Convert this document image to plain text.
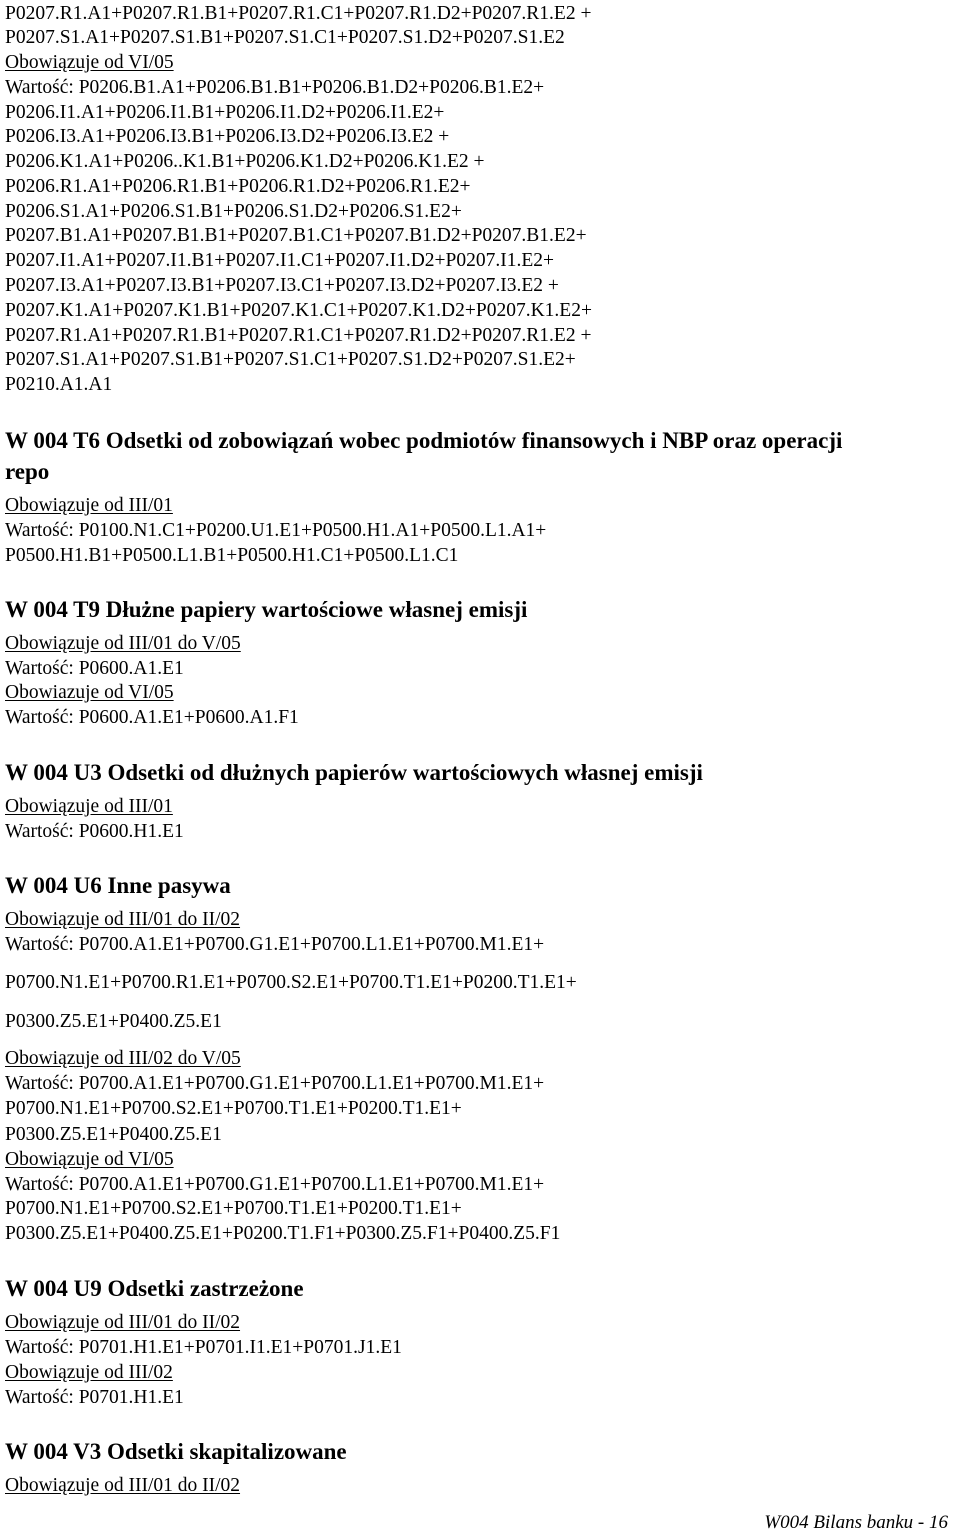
P0207.R1.A1+P0207.R1.B1+P0207.R1.C1+P0207.R1.D2+P0207.R1.E2 +
P0207.S1.A1+P0207.S1.B1+P0207.S1.C1+P0207.S1.D2+P0207.S1.E2
Obowiązuje od VI/05
Wartość: P0206.B1.A1+P0206.B1.B1+P0206.B1.D2+P0206.B1.E2+
P0206.I1.A1+P0206.I1.B1+P0206.I1.D2+P0206.I1.E2+
P0206.I3.A1+P0206.I3.B1+P0206.I3.D2+P0206.I3.E2 +
P0206.K1.A1+P0206..K1.B1+P0206.K1.D2+P0206.K1.E2 +
P0206.R1.A1+P0206.R1.B1+P0206.R1.D2+P0206.R1.E2+
P0206.S1.A1+P0206.S1.B1+P0206.S1.D2+P0206.S1.E2+
P0207.B1.A1+P0207.B1.B1+P0207.B1.C1+P0207.B1.D2+P0207.B1.E2+
P0207.I1.A1+P0207.I1.B1+P0207.I1.C1+P0207.I1.D2+P0207.I1.E2+
P0207.I3.A1+P0207.I3.B1+P0207.I3.C1+P0207.I3.D2+P0207.I3.E2 +
P0207.K1.A1+P0207.K1.B1+P0207.K1.C1+P0207.K1.D2+P0207.K1.E2+
P0207.R1.A1+P0207.R1.B1+P0207.R1.C1+P0207.R1.D2+P0207.R1.E2 +
P0207.S1.A1+P0207.S1.B1+P0207.S1.C1+P0207.S1.D2+P0207.S1.E2+
P0210.A1.A1
W 004 T6 Odsetki od zobowiązań wobec podmiotów finansowych i NBP oraz operacji
repo
Obowiązuje od III/01
Wartość: P0100.N1.C1+P0200.U1.E1+P0500.H1.A1+P0500.L1.A1+
P0500.H1.B1+P0500.L1.B1+P0500.H1.C1+P0500.L1.C1
W 004 T9 Dłużne papiery wartościowe własnej emisji
Obowiązuje od III/01 do V/05
Wartość: P0600.A1.E1
Obowiazuje od VI/05
Wartość: P0600.A1.E1+P0600.A1.F1
W 004 U3 Odsetki od dłużnych papierów wartościowych własnej emisji
Obowiązuje od III/01
Wartość: P0600.H1.E1
W 004 U6 Inne pasywa
Obowiązuje od III/01 do II/02
Wartość: P0700.A1.E1+P0700.G1.E1+P0700.L1.E1+P0700.M1.E1+
P0700.N1.E1+P0700.R1.E1+P0700.S2.E1+P0700.T1.E1+P0200.T1.E1+
P0300.Z5.E1+P0400.Z5.E1
Obowiązuje od III/02 do V/05
Wartość: P0700.A1.E1+P0700.G1.E1+P0700.L1.E1+P0700.M1.E1+
P0700.N1.E1+P0700.S2.E1+P0700.T1.E1+P0200.T1.E1+
P0300.Z5.E1+P0400.Z5.E1
Obowiązuje od VI/05
Wartość: P0700.A1.E1+P0700.G1.E1+P0700.L1.E1+P0700.M1.E1+
P0700.N1.E1+P0700.S2.E1+P0700.T1.E1+P0200.T1.E1+
P0300.Z5.E1+P0400.Z5.E1+P0200.T1.F1+P0300.Z5.F1+P0400.Z5.F1
W 004 U9 Odsetki zastrzeżone
Obowiązuje od III/01 do II/02
Wartość: P0701.H1.E1+P0701.I1.E1+P0701.J1.E1
Obowiązuje od III/02
Wartość: P0701.H1.E1
W 004 V3 Odsetki skapitalizowane
Obowiązuje od III/01 do II/02
W004 Bilans banku - 16
